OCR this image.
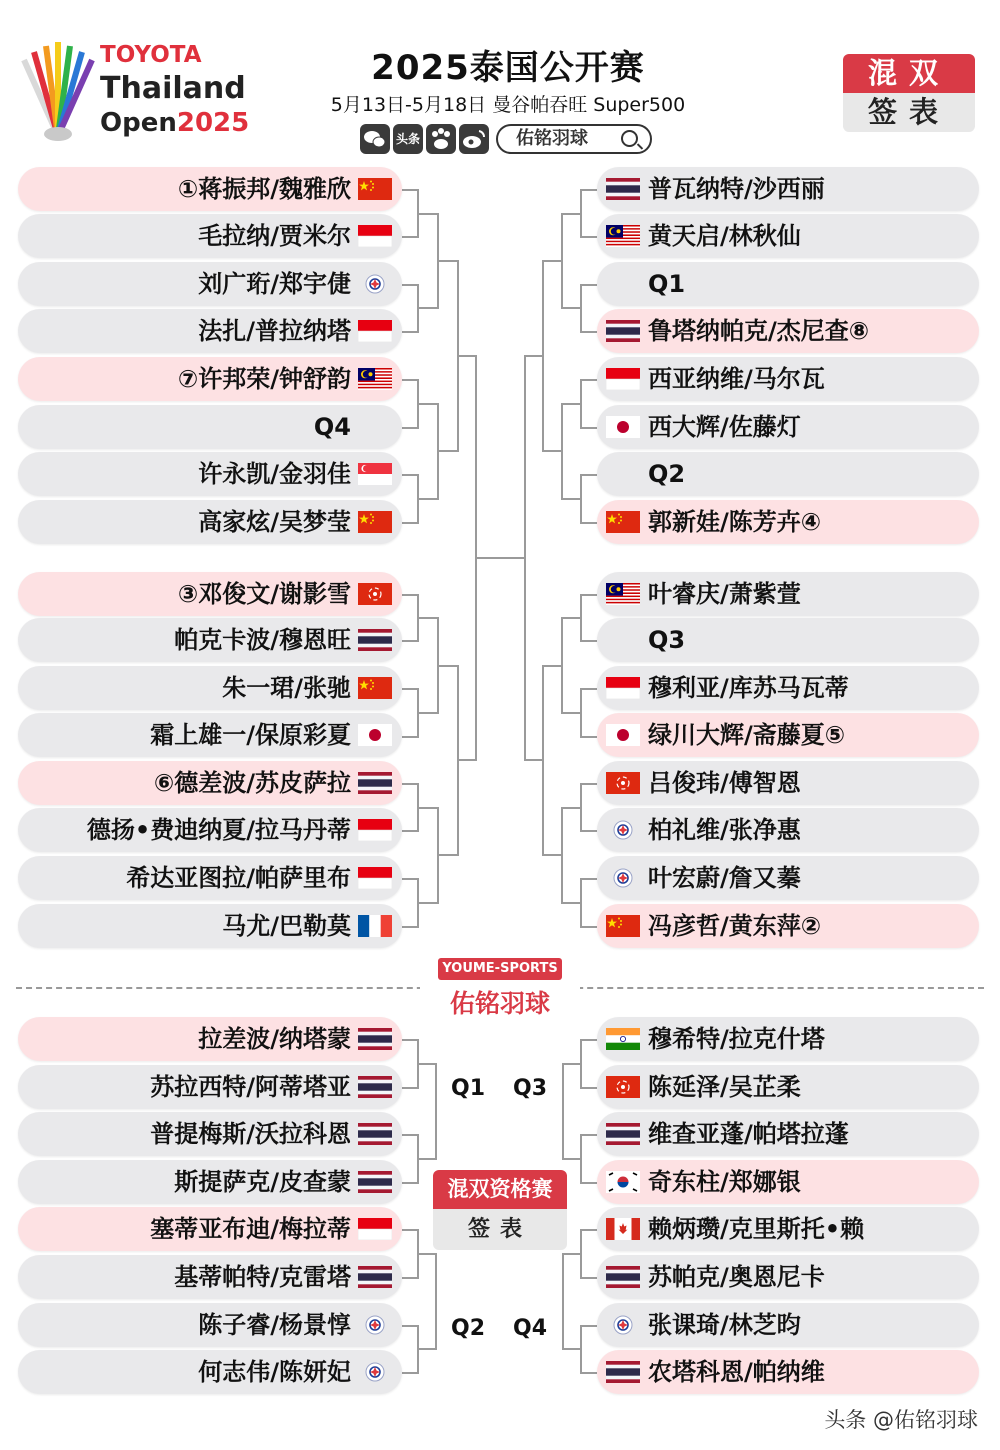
TOYOTA
Thailand
Open2025
2025泰国公开赛
5月13日-5月18日 曼谷帕吞旺 Super500
头条	佑铭羽球
混双
签表
①蒋振邦/魏雅欣
毛拉纳/贾米尔
刘广珩/郑宇倢
法扎/普拉纳塔
⑦许邦荣/钟舒韵
Q4
许永凯/金羽佳
高家炫/吴梦莹
③邓俊文/谢影雪
帕克卡波/穆恩旺
朱一珺/张驰
霜上雄一/保原彩夏
⑥德差波/苏皮萨拉
德扬•费迪纳夏/拉马丹蒂
希达亚图拉/帕萨里布
马尤/巴勒莫
普瓦纳特/沙西丽
黄天启/林秋仙
Q1
鲁塔纳帕克/杰尼查⑧
西亚纳维/马尔瓦
西大辉/佐藤灯
Q2
郭新娃/陈芳卉④
叶睿庆/萧紫萱
Q3
穆利亚/库苏马瓦蒂
绿川大辉/斋藤夏⑤
吕俊玮/傅智恩
柏礼维/张净惠
叶宏蔚/詹又蓁
冯彦哲/黄东萍②
拉差波/纳塔蒙
苏拉西特/阿蒂塔亚
普提梅斯/沃拉科恩
斯提萨克/皮查蒙
塞蒂亚布迪/梅拉蒂
基蒂帕特/克雷塔
陈子睿/杨景惇
何志伟/陈妍妃
穆希特/拉克什塔
陈延泽/吴芷柔
维查亚蓬/帕塔拉蓬
奇东柱/郑娜银
赖炳瓒/克里斯托•赖
苏帕克/奥恩尼卡
张课琦/林芝昀
农塔科恩/帕纳维
YOUME-SPORTS
佑铭羽球
Q1 Q3
Q2 Q4
混双资格赛
签表
头条 @佑铭羽球
